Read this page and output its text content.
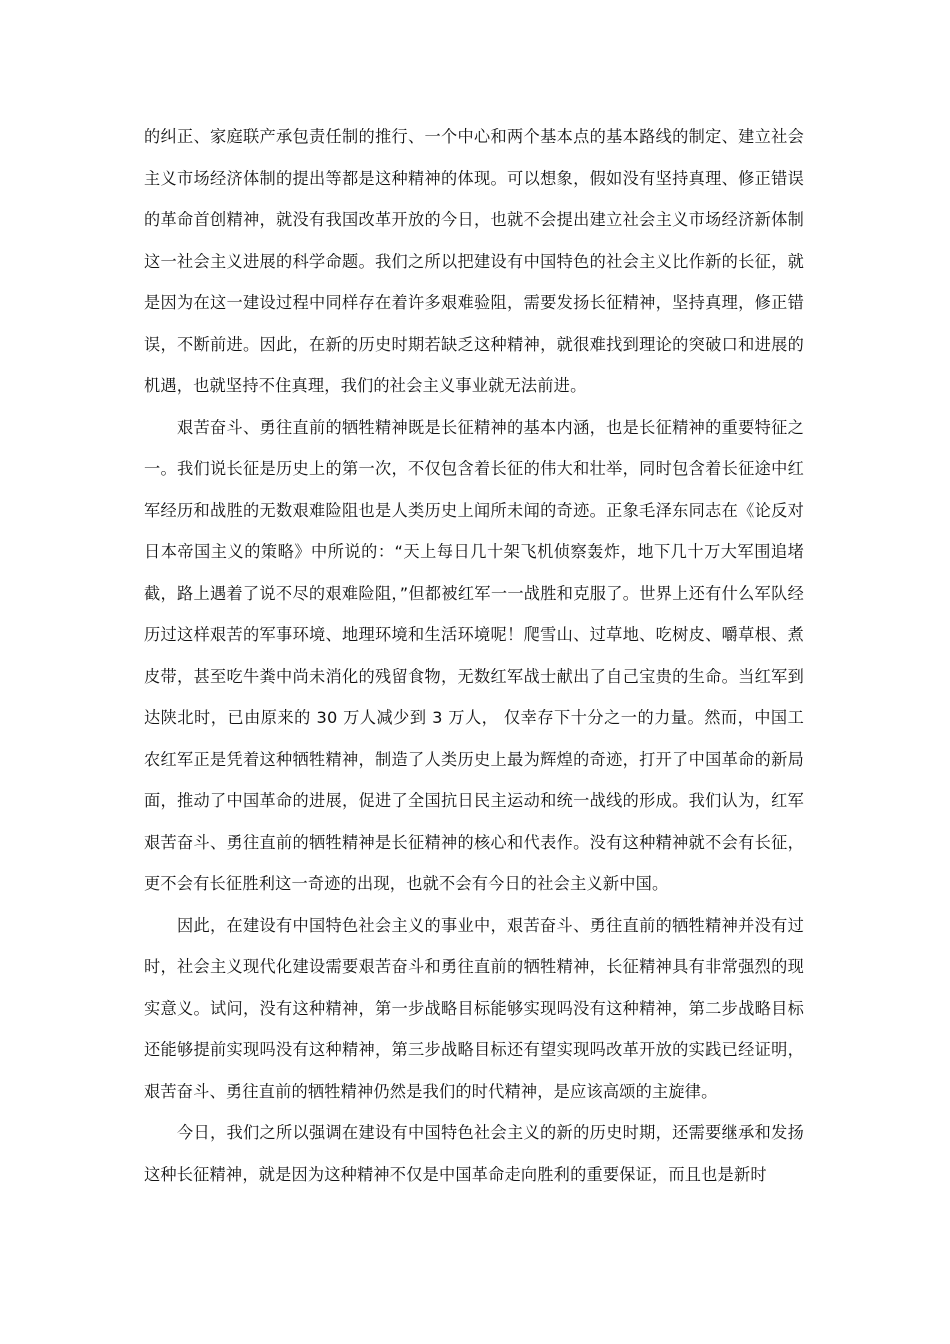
的纠正、家庭联产承包责任制的推行、一个中心和两个基本点的基本路线的制定、建立社会主义市场经济体制的提出等都是这种精神的体现。可以想象，假如没有坚持真理、修正错误的革命首创精神，就没有我国改革开放的今日，也就不会提出建立社会主义市场经济新体制这一社会主义进展的科学命题。我们之所以把建设有中国特色的社会主义比作新的长征，就是因为在这一建设过程中同样存在着许多艰难验阻，需要发扬长征精神，坚持真理，修正错误，不断前进。因此，在新的历史时期若缺乏这种精神，就很难找到理论的突破口和进展的机遇，也就坚持不住真理，我们的社会主义事业就无法前进。

艰苦奋斗、勇往直前的牺牲精神既是长征精神的基本内涵，也是长征精神的重要特征之一。我们说长征是历史上的第一次，不仅包含着长征的伟大和壮举，同时包含着长征途中红军经历和战胜的无数艰难险阻也是人类历史上闻所未闻的奇迹。正象毛泽东同志在《论反对日本帝国主义的策略》中所说的：“天上每日几十架飞机侦察轰炸，地下几十万大军围追堵截，路上遇着了说不尽的艰难险阻，”但都被红军一一战胜和克服了。世界上还有什么军队经历过这样艰苦的军事环境、地理环境和生活环境呢！爬雪山、过草地、吃树皮、嚼草根、煮皮带，甚至吃牛粪中尚未消化的残留食物，无数红军战士献出了自己宝贵的生命。当红军到达陕北时，已由原来的 30 万人减少到 3 万人， 仅幸存下十分之一的力量。然而，中国工农红军正是凭着这种牺牲精神，制造了人类历史上最为辉煌的奇迹，打开了中国革命的新局面，推动了中国革命的进展，促进了全国抗日民主运动和统一战线的形成。我们认为，红军艰苦奋斗、勇往直前的牺牲精神是长征精神的核心和代表作。没有这种精神就不会有长征，更不会有长征胜利这一奇迹的出现，也就不会有今日的社会主义新中国。

因此，在建设有中国特色社会主义的事业中，艰苦奋斗、勇往直前的牺牲精神并没有过时，社会主义现代化建设需要艰苦奋斗和勇往直前的牺牲精神，长征精神具有非常强烈的现实意义。试问，没有这种精神，第一步战略目标能够实现吗没有这种精神，第二步战略目标还能够提前实现吗没有这种精神，第三步战略目标还有望实现吗改革开放的实践已经证明，艰苦奋斗、勇往直前的牺牲精神仍然是我们的时代精神，是应该高颂的主旋律。

今日，我们之所以强调在建设有中国特色社会主义的新的历史时期，还需要继承和发扬这种长征精神，就是因为这种精神不仅是中国革命走向胜利的重要保证，而且也是新时
